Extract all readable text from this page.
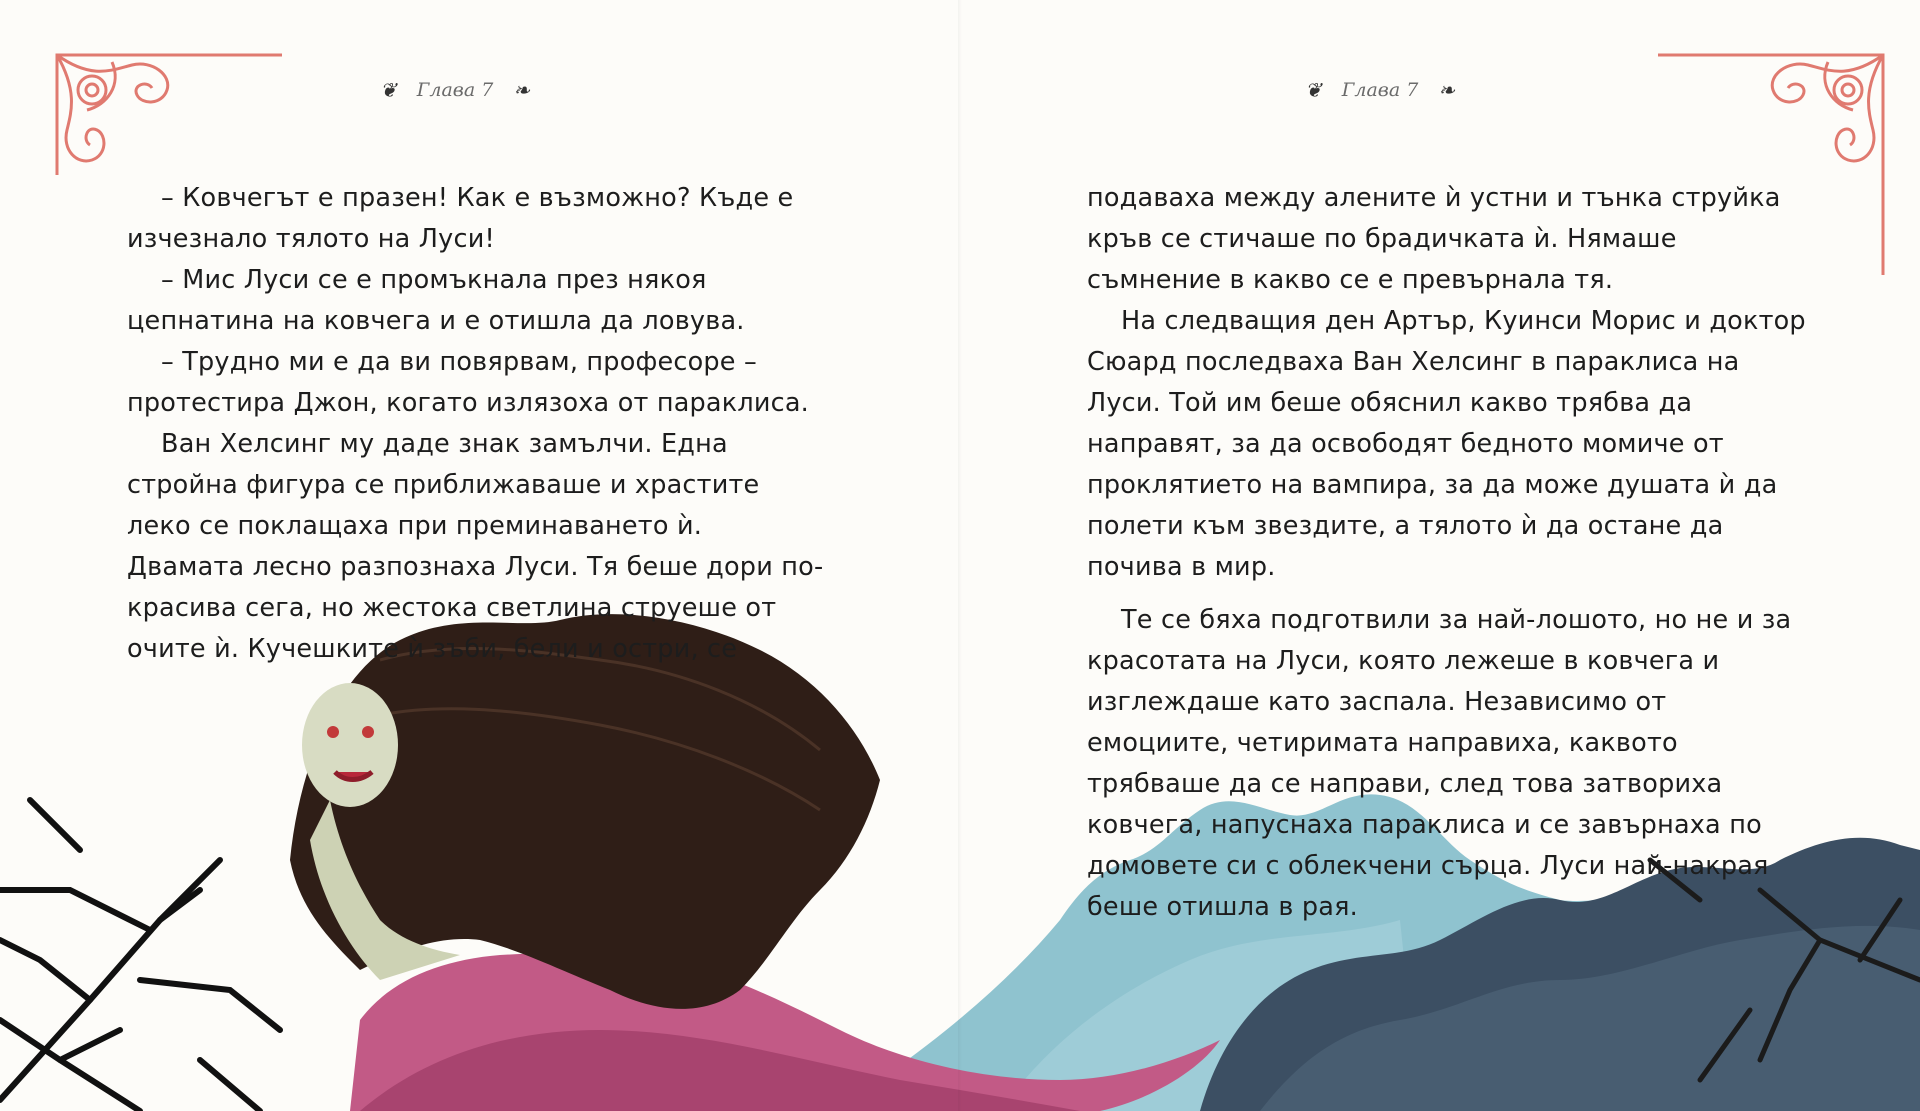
❦ Глава 7 ❧

– Ковчегът е празен! Как е възможно? Къде е изчезнало тялото на Луси!

– Мис Луси се е промъкнала през някоя цепнатина на ковчега и е отишла да ловува.

– Трудно ми е да ви повярвам, професоре – протестира Джон, когато излязоха от параклиса.

Ван Хелсинг му даде знак замълчи. Една стройна фигура се приближаваше и храстите леко се поклащаха при преминаването ѝ. Двамата лесно разпознаха Луси. Тя беше дори по-красива сега, но жестока светлина струеше от очите ѝ. Кучешките ѝ зъби, бели и остри, се

❦ Глава 7 ❧

подаваха между алените ѝ устни и тънка струйка кръв се стичаше по брадичката ѝ. Нямаше съмнение в какво се е превърнала тя.

На следващия ден Артър, Куинси Морис и доктор Сюард последваха Ван Хелсинг в параклиса на Луси. Той им беше обяснил какво трябва да направят, за да освободят бедното момиче от проклятието на вампира, за да може душата ѝ да полети към звездите, а тялото ѝ да остане да почива в мир.

Те се бяха подготвили за най-лошото, но не и за красотата на Луси, която лежеше в ковчега и изглеждаше като заспала. Независимо от емоциите, четиримата направиха, каквото трябваше да се направи, след това затвориха ковчега, напуснаха параклиса и се завърнаха по домовете си с облекчени сърца. Луси най-накрая беше отишла в рая.
